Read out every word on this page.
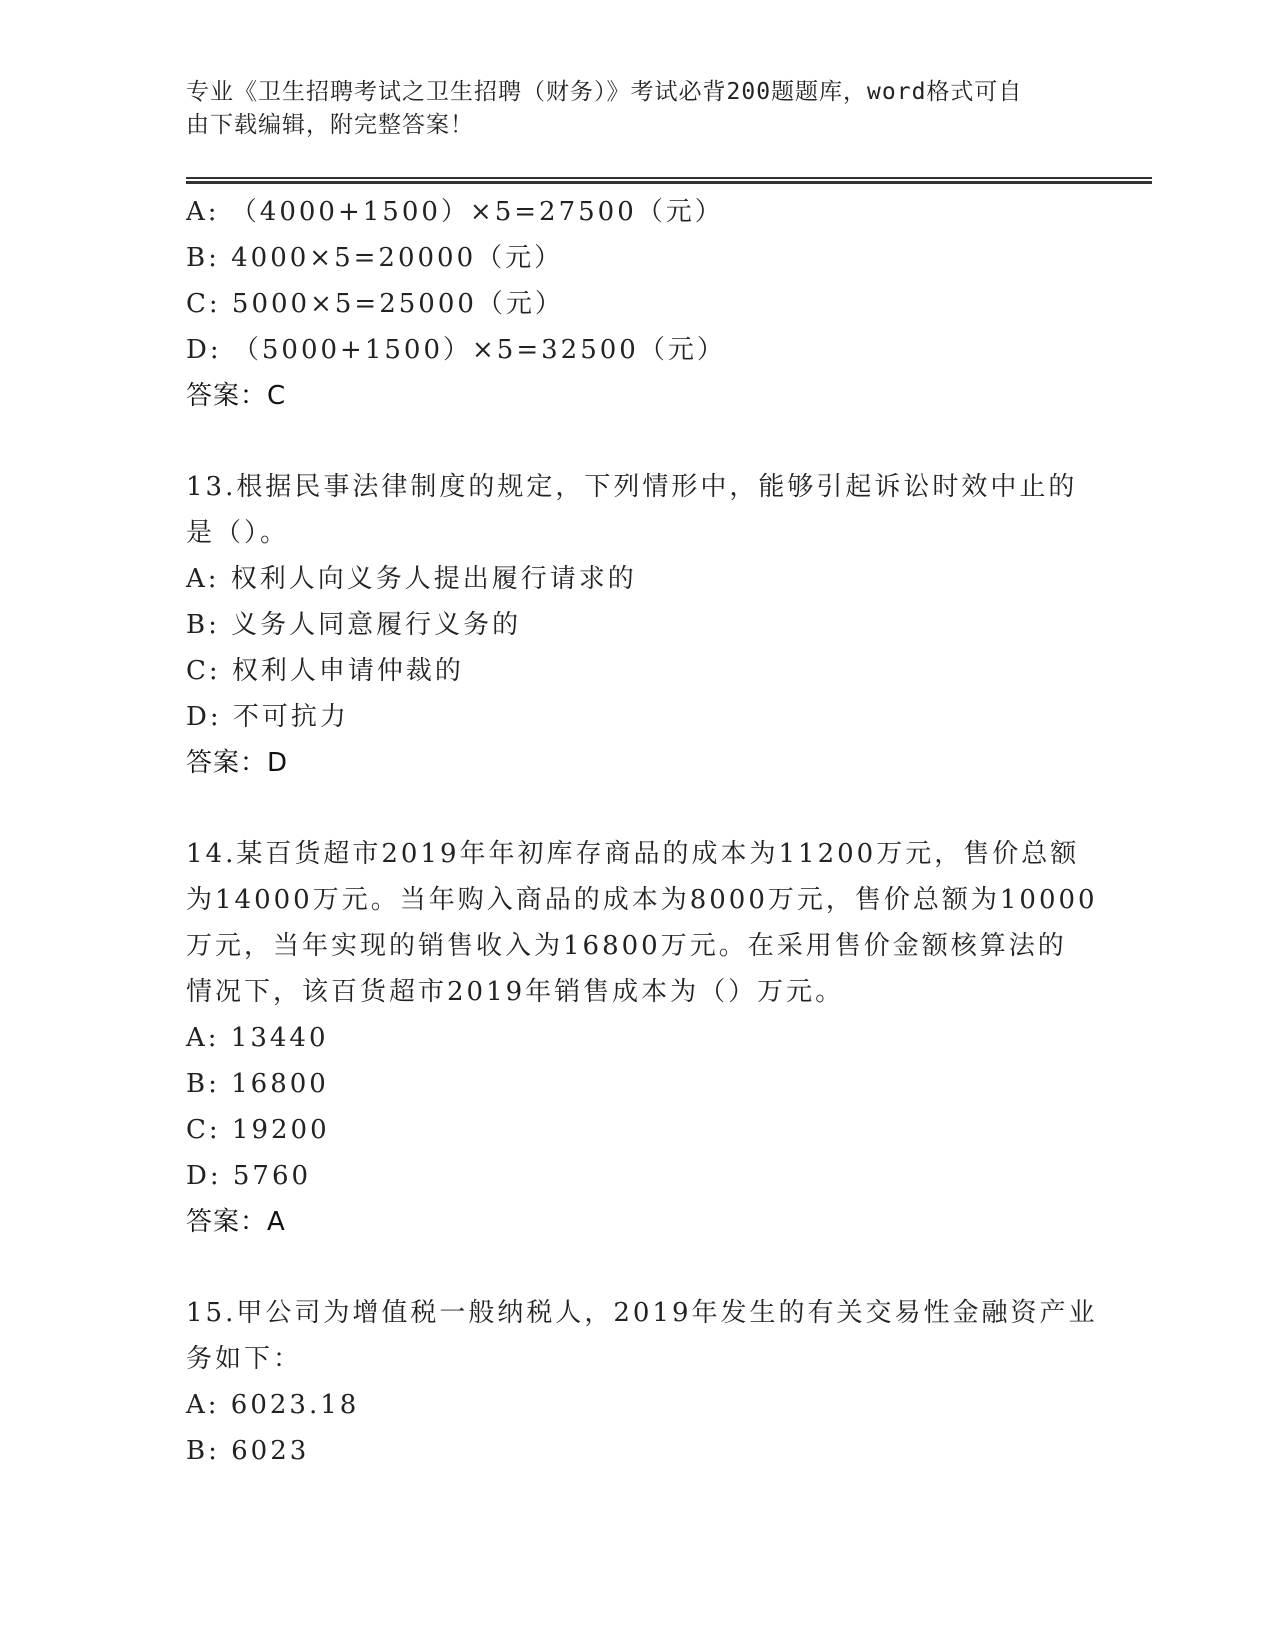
专业《卫生招聘考试之卫生招聘（财务）》考试必背200题题库，word格式可自
由下载编辑，附完整答案！
A: （4000+1500）×5=27500（元）
B: 4000×5=20000（元）
C: 5000×5=25000（元）
D: （5000+1500）×5=32500（元）
答案：C
13.根据民事法律制度的规定，下列情形中，能够引起诉讼时效中止的
是（）。
A: 权利人向义务人提出履行请求的
B: 义务人同意履行义务的
C: 权利人申请仲裁的
D: 不可抗力
答案：D
14.某百货超市2019年年初库存商品的成本为11200万元，售价总额
为14000万元。当年购入商品的成本为8000万元，售价总额为10000
万元，当年实现的销售收入为16800万元。在采用售价金额核算法的
情况下，该百货超市2019年销售成本为（）万元。
A: 13440
B: 16800
C: 19200
D: 5760
答案：A
15.甲公司为增值税一般纳税人，2019年发生的有关交易性金融资产业
务如下：
A: 6023.18
B: 6023
